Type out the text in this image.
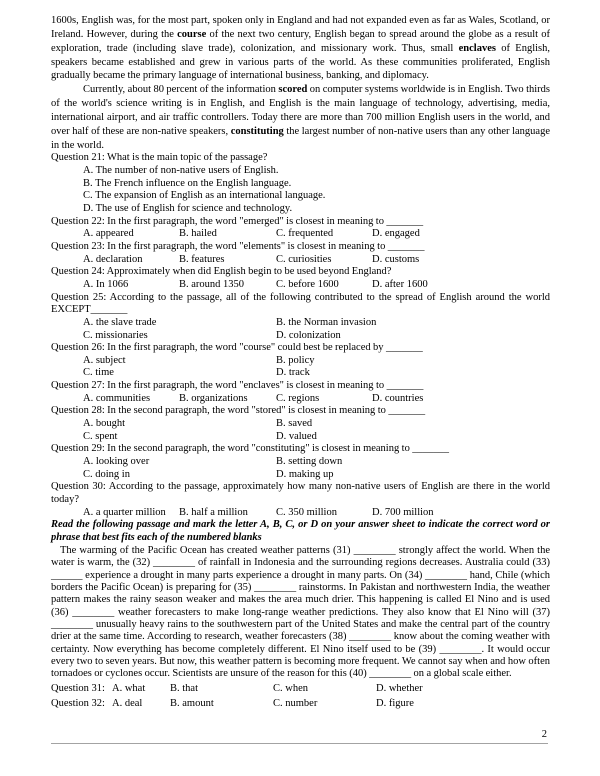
1600s, English was, for the most part, spoken only in England and had not expanded even as far as Wales, Scotland, or Ireland. However, during the course of the next two century, English began to spread around the globe as a result of exploration, trade (including slave trade), colonization, and missionary work. Thus, small enclaves of English, speakers became established and grew in various parts of the world. As these communities proliferated, English gradually became the primary language of international business, banking, and diplomacy.
Currently, about 80 percent of the information scored on computer systems worldwide is in English. Two thirds of the world's science writing is in English, and English is the main language of technology, advertising, media, international airport, and air traffic controllers. Today there are more than 700 million English users in the world, and over half of these are non-native speakers, constituting the largest number of non-native users than any other language in the world.
Question 21: What is the main topic of the passage?
A. The number of non-native users of English.
B. The French influence on the English language.
C. The expansion of English as an international language.
D. The use of English for science and technology.
Question 22: In the first paragraph, the word "emerged" is closest in meaning to _______
A. appeared	B. hailed	C. frequented	D. engaged
Question 23: In the first paragraph, the word "elements" is closest in meaning to _______
A. declaration	B. features	C. curiosities	D. customs
Question 24: Approximately when did English begin to be used beyond England?
A. In 1066	B. around 1350	C. before 1600	D. after 1600
Question 25: According to the passage, all of the following contributed to the spread of English around the world EXCEPT_______
A. the slave trade	B. the Norman invasion
C. missionaries	D. colonization
Question 26: In the first paragraph, the word "course" could best be replaced by _______
A. subject	B. policy
C. time	D. track
Question 27: In the first paragraph, the word "enclaves" is closest in meaning to _______
A. communities	B. organizations	C. regions	D. countries
Question 28: In the second paragraph, the word "stored" is closest in meaning to _______
A. bought	B. saved
C. spent	D. valued
Question 29: In the second paragraph, the word "constituting" is closest in meaning to _______
A. looking over	B. setting down
C. doing in	D. making up
Question 30: According to the passage, approximately how many non-native users of English are there in the world today?
A. a quarter million B. half a million	C. 350 million	D. 700 million
Read the following passage and mark the letter A, B, C, or D on your answer sheet to indicate the correct word or phrase that best fits each of the numbered blanks
The warming of the Pacific Ocean has created weather patterns (31) ________ strongly affect the world. When the water is warm, the (32) ________ of rainfall in Indonesia and the surrounding regions decreases. Australia could (33) ______ experience a drought in many parts experience a drought in many parts. On (34) ________ hand, Chile (which borders the Pacific Ocean) is preparing for (35) ________ rainstorms. In Pakistan and northwestern India, the weather pattern makes the rainy season weaker and makes the area much drier. This happening is called El Nino and is used (36) ________ weather forecasters to make long-range weather predictions. They also know that El Nino will (37) ________ unusually heavy rains to the southwestern part of the United States and make the central part of the country drier at the same time. According to research, weather forecasters (38) ________ know about the coming weather with certainty. Now everything has become completely different. El Nino itself used to be (39) ________. It would occur every two to seven years. But now, this weather pattern is becoming more frequent. We cannot say when and how often tornadoes or cyclones occur. Scientists are unsure of the reason for this (40) ________ on a global scale either.
Question 31: A. what B. that	C. when	D. whether
Question 32: A. deal	B. amount	C. number	D. figure
2
